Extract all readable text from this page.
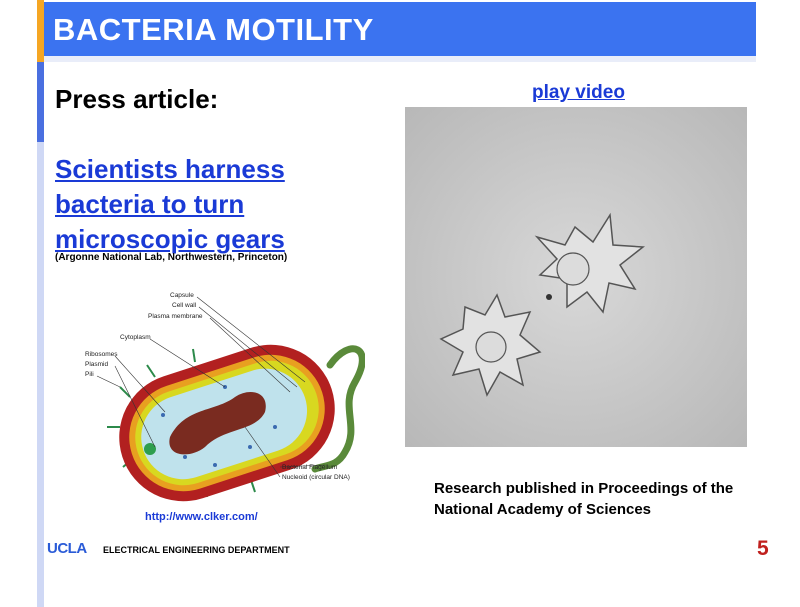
BACTERIA MOTILITY
Press article:
Scientists harness bacteria to turn microscopic gears
(Argonne National Lab, Northwestern, Princeton)
Capsule
Cell wall
Plasma membrane
Cytoplasm
Ribosomes
Plasmid
Pili
Bacterial Flagellum
Nucleoid (circular DNA)
http://www.clker.com/
play video
Research published in Proceedings of the National Academy of Sciences
UCLA ELECTRICAL ENGINEERING DEPARTMENT	5
